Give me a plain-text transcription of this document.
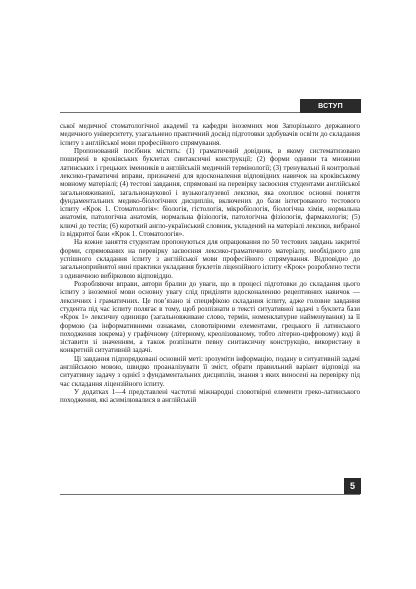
ВСТУП

ської медичної стоматологічної академії та кафедри іноземних мов Запорізького державного медичного університету, узагальнено практичний досвід підготовки здобувачів освіти до складання іспиту з англійської мови професійного спрямування.

Пропонований посібник містить: (1) граматичний довідник, в якому систематизовано поширені в кроківських буклетах синтаксичні конструкції; (2) форми однини та множини латинських і грецьких іменників в англійській медичній термінології; (3) тренувальні й контрольні лексико-граматичні вправи, призначені для вдосконалення відповідних навичок на кроківському мовному матеріалі; (4) тестові завдання, спрямовані на перевірку засвоєння студентами англійської загальновживаної, загальнонаукової і вузькогалузевої лексики, яка охоплює основні поняття фундаментальних медико-біологічних дисциплін, включених до бази інтегрованого тестового іспиту «Крок 1. Стоматологія»: біологія, гістологія, мікробіологія, біологічна хімія, нормальна анатомія, патологічна анатомія, нормальна фізіологія, патологічна фізіологія, фармакологія; (5) ключі до тестів; (6) короткий англо-український словник, укладений на матеріалі лексики, вибраної із відкритої бази «Крок 1. Стоматологія».

На кожне заняття студентам пропонуються для опрацювання по 50 тестових завдань закритої форми, спрямованих на перевірку засвоєння лексико-граматичного матеріалу, необхідного для успішного складання іспиту з англійської мови професійного спрямування. Відповідно до загальноприйнятої нині практики укладання буклетів ліцензійного іспиту «Крок» розроблено тести з одиничною вибірковою відповіддю.

Розробляючи вправи, автори бралии до уваги, що в процесі підготовки до складання цього іспиту з іноземної мови основну увагу слід приділяти вдосконаленню рецептивних навичок — лексичних і граматичних. Це пов’язано зі специфікою складання іспиту, адже головне завдання студента під час іспиту полягає в тому, щоб розпізнати в тексті ситуативної задачі з буклета бази «Крок 1» лексичну одиницю (загальновживане слово, термін, номенклатурне найменування) за її формою (за інформативними ознаками, словотвірними елементами, грецького й латинського походження зокрема) у графічному (літерному, креолізованому, тобто літерно-цифровому) коді й зіставити зі значенням, а також розпізнати певну синтаксичну конструкцію, використану в конкретній ситуативній задачі.

Ці завдання підпорядковані основній меті: зрозуміти інформацію, подану в ситуативній задачі англійською мовою, швидко проаналізувати її зміст, обрати правильний варіант відповіді на ситуативну задачу з однієї з фундаментальних дисциплін, знання з яких виносені на перевірку під час складання ліцензійного іспиту.

У додатках 1—4 представлені частотні міжнародні словотвірні елементи греко-латинського походження, які асимілювалися в англійській

5
